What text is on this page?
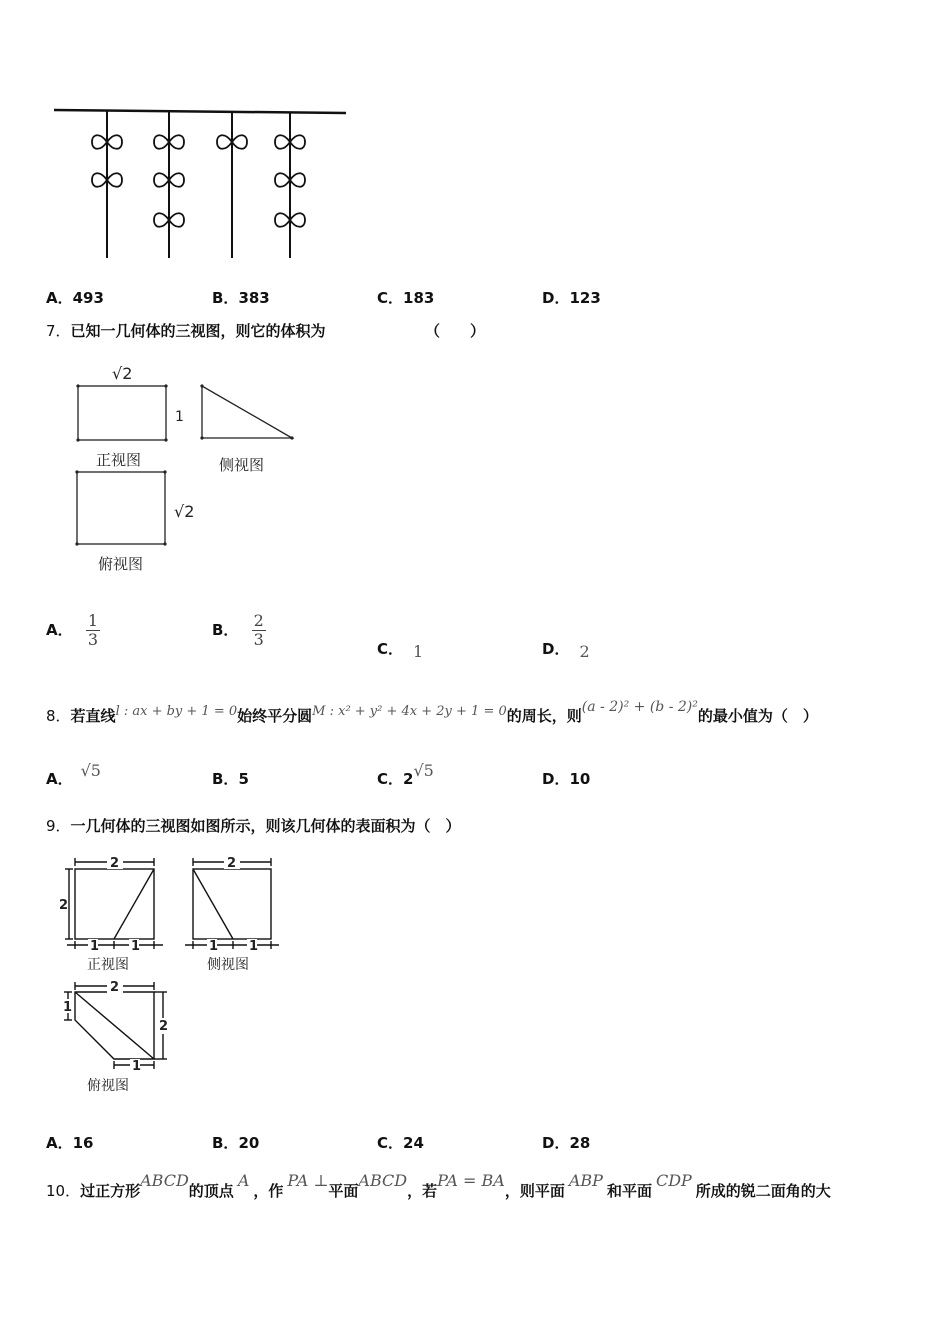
A．493	B．383	C．183	D．123
7．已知一几何体的三视图，则它的体积为	（　　）
√2
1
正视图	侧视图
√2
俯视图
A． $\frac{1}{3}$	B． $\frac{2}{3}$	C． 1	D． 2
8．若直线l : ax + by + 1 = 0始终平分圆M : x² + y² + 4x + 2y + 1 = 0的周长，则(a - 2)² + (b - 2)²的最小值为（　）
A． √5	B．5	C．2√5	D．10
9．一几何体的三视图如图所示，则该几何体的表面积为（　）
2
2
1 1
正视图
2
1 1
侧视图
2
1
2
1
俯视图
A．16	B．20	C．24	D．28
10．过正方形ABCD的顶点A，作PA ⊥平面ABCD，若PA = BA，则平面ABP和平面CDP所成的锐二面角的大
